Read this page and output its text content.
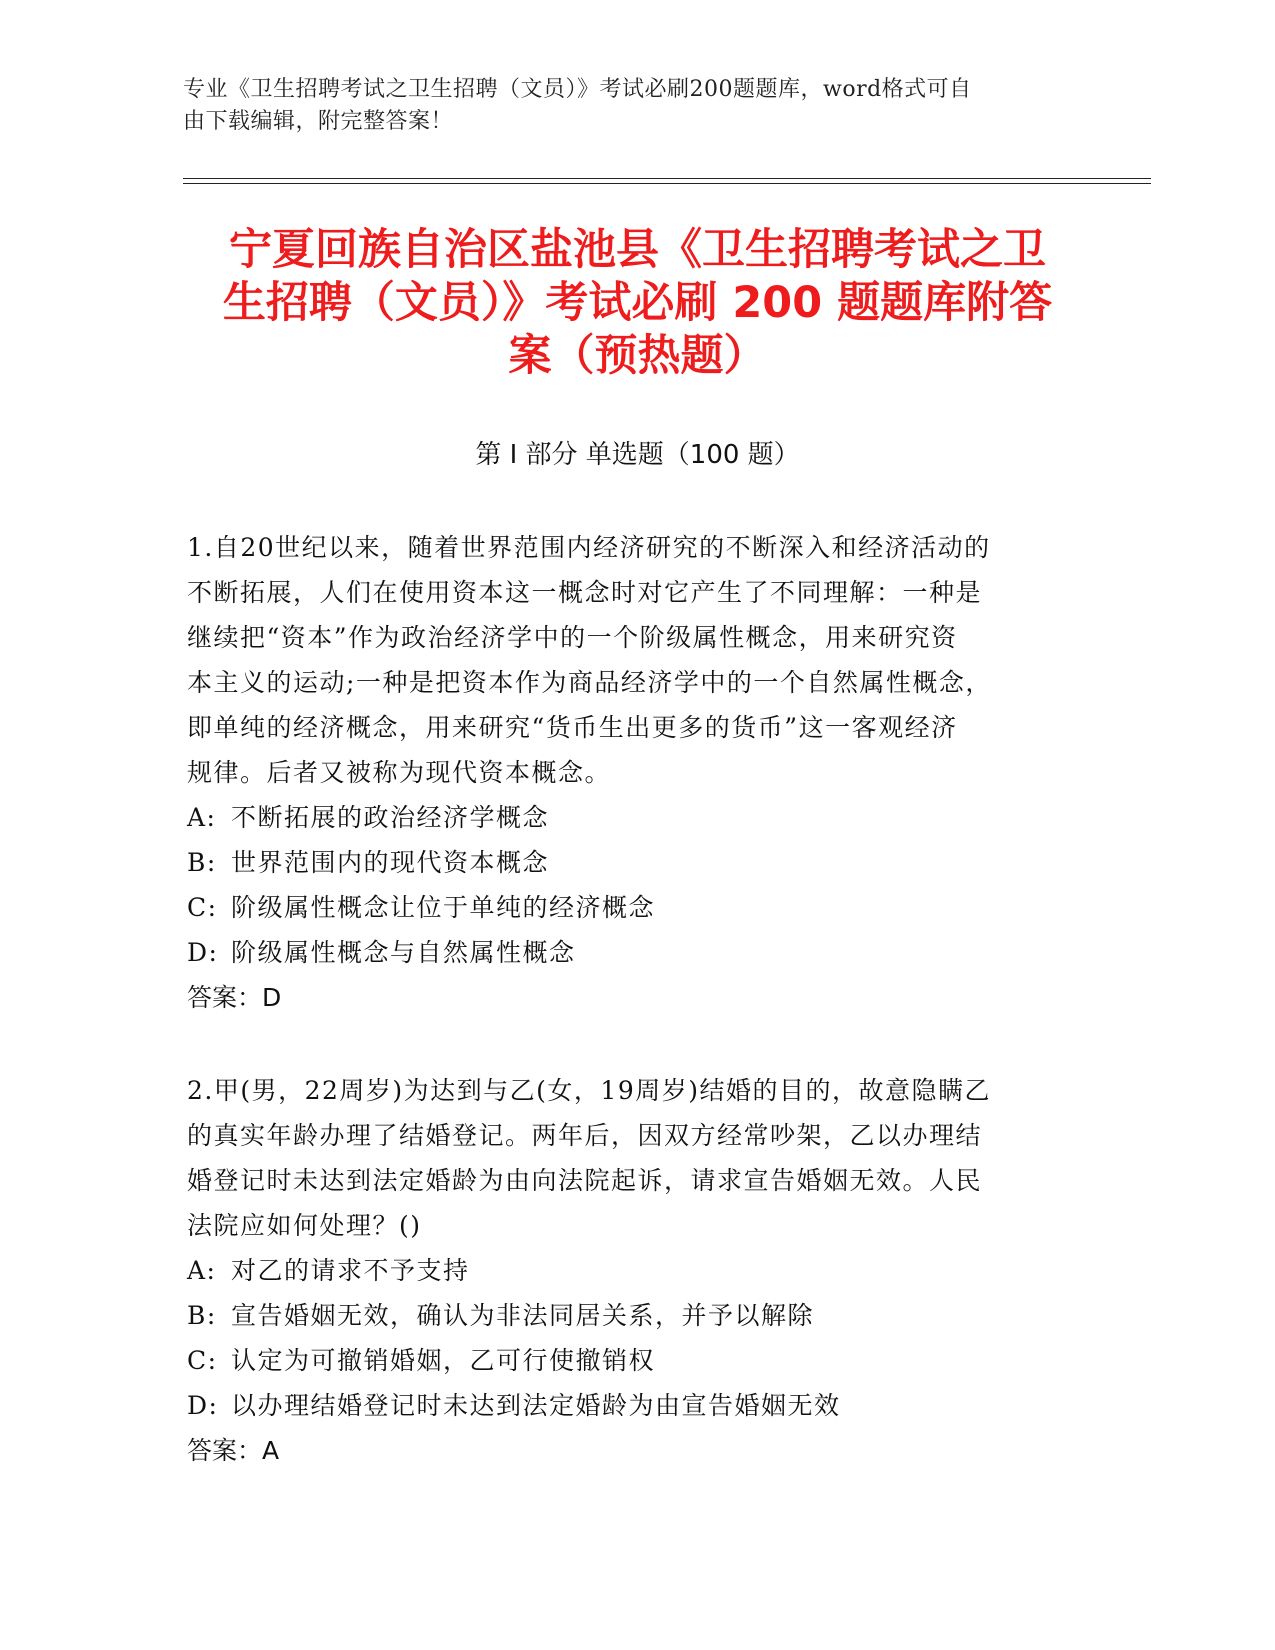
专业《卫生招聘考试之卫生招聘（文员）》考试必刷200题题库，word格式可自
由下载编辑，附完整答案！
宁夏回族自治区盐池县《卫生招聘考试之卫
生招聘（文员）》考试必刷 200 题题库附答
案（预热题）
第 I 部分 单选题（100 题）
1.自20世纪以来，随着世界范围内经济研究的不断深入和经济活动的
不断拓展，人们在使用资本这一概念时对它产生了不同理解：一种是
继续把“资本”作为政治经济学中的一个阶级属性概念，用来研究资
本主义的运动;一种是把资本作为商品经济学中的一个自然属性概念，
即单纯的经济概念，用来研究“货币生出更多的货币”这一客观经济
规律。后者又被称为现代资本概念。
A: 不断拓展的政治经济学概念
B: 世界范围内的现代资本概念
C: 阶级属性概念让位于单纯的经济概念
D: 阶级属性概念与自然属性概念
答案：D
2.甲(男，22周岁)为达到与乙(女，19周岁)结婚的目的，故意隐瞒乙
的真实年龄办理了结婚登记。两年后，因双方经常吵架，乙以办理结
婚登记时未达到法定婚龄为由向法院起诉，请求宣告婚姻无效。人民
法院应如何处理？()
A: 对乙的请求不予支持
B: 宣告婚姻无效，确认为非法同居关系，并予以解除
C: 认定为可撤销婚姻，乙可行使撤销权
D: 以办理结婚登记时未达到法定婚龄为由宣告婚姻无效
答案：A
